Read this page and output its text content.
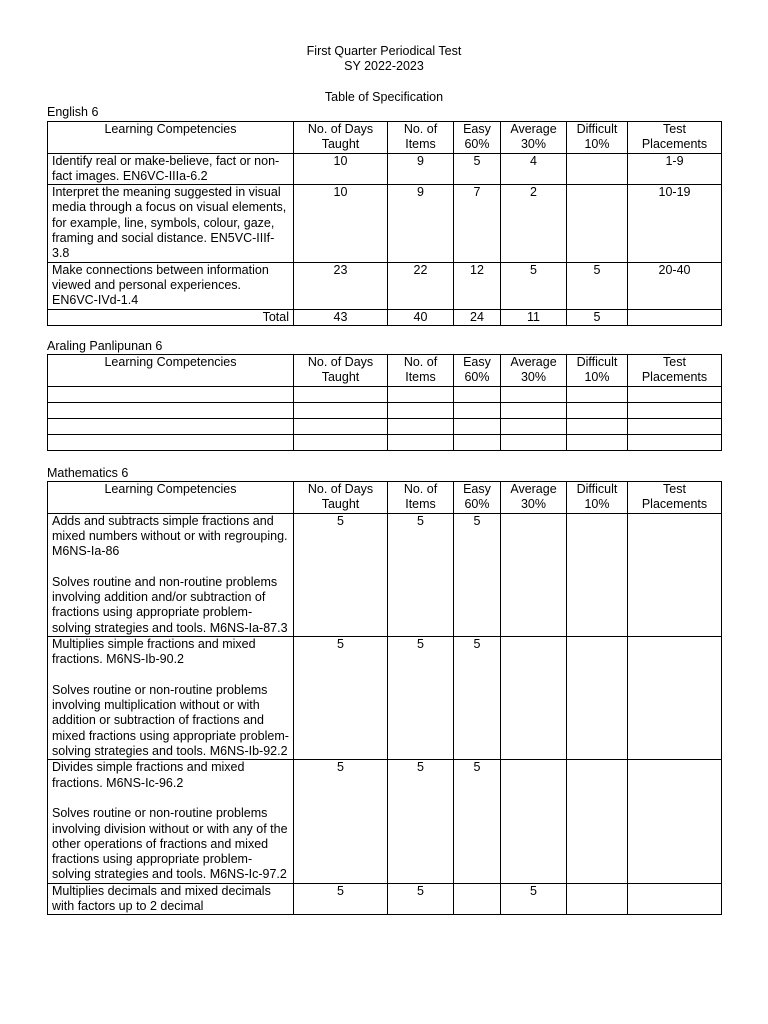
First Quarter Periodical Test
SY 2022-2023
Table of Specification
English 6
Learning Competencies	No. of Days Taught	No. of Items	Easy 60%	Average 30%	Difficult 10%	Test Placements
Identify real or make-believe, fact or non-fact images. EN6VC-IIIa-6.2	10	9	5	4		1-9
Interpret the meaning suggested in visual media through a focus on visual elements, for example, line, symbols, colour, gaze, framing and social distance. EN5VC-IIIf-3.8	10	9	7	2		10-19
Make connections between information viewed and personal experiences. EN6VC-IVd-1.4	23	22	12	5	5	20-40
Total	43	40	24	11	5	
Araling Panlipunan 6
Learning Competencies	No. of Days Taught	No. of Items	Easy 60%	Average 30%	Difficult 10%	Test Placements

Mathematics 6
Learning Competencies	No. of Days Taught	No. of Items	Easy 60%	Average 30%	Difficult 10%	Test Placements
Adds and subtracts simple fractions and mixed numbers without or with regrouping. M6NS-Ia-86

Solves routine and non-routine problems involving addition and/or subtraction of fractions using appropriate problem-solving strategies and tools. M6NS-Ia-87.3	5	5	5			
Multiplies simple fractions and mixed fractions. M6NS-Ib-90.2

Solves routine or non-routine problems involving multiplication without or with addition or subtraction of fractions and mixed fractions using appropriate problem-solving strategies and tools. M6NS-Ib-92.2	5	5	5			
Divides simple fractions and mixed fractions. M6NS-Ic-96.2

Solves routine or non-routine problems involving division without or with any of the other operations of fractions and mixed fractions using appropriate problem-solving strategies and tools. M6NS-Ic-97.2	5	5	5			
Multiplies decimals and mixed decimals with factors up to 2 decimal	5	5		5		
